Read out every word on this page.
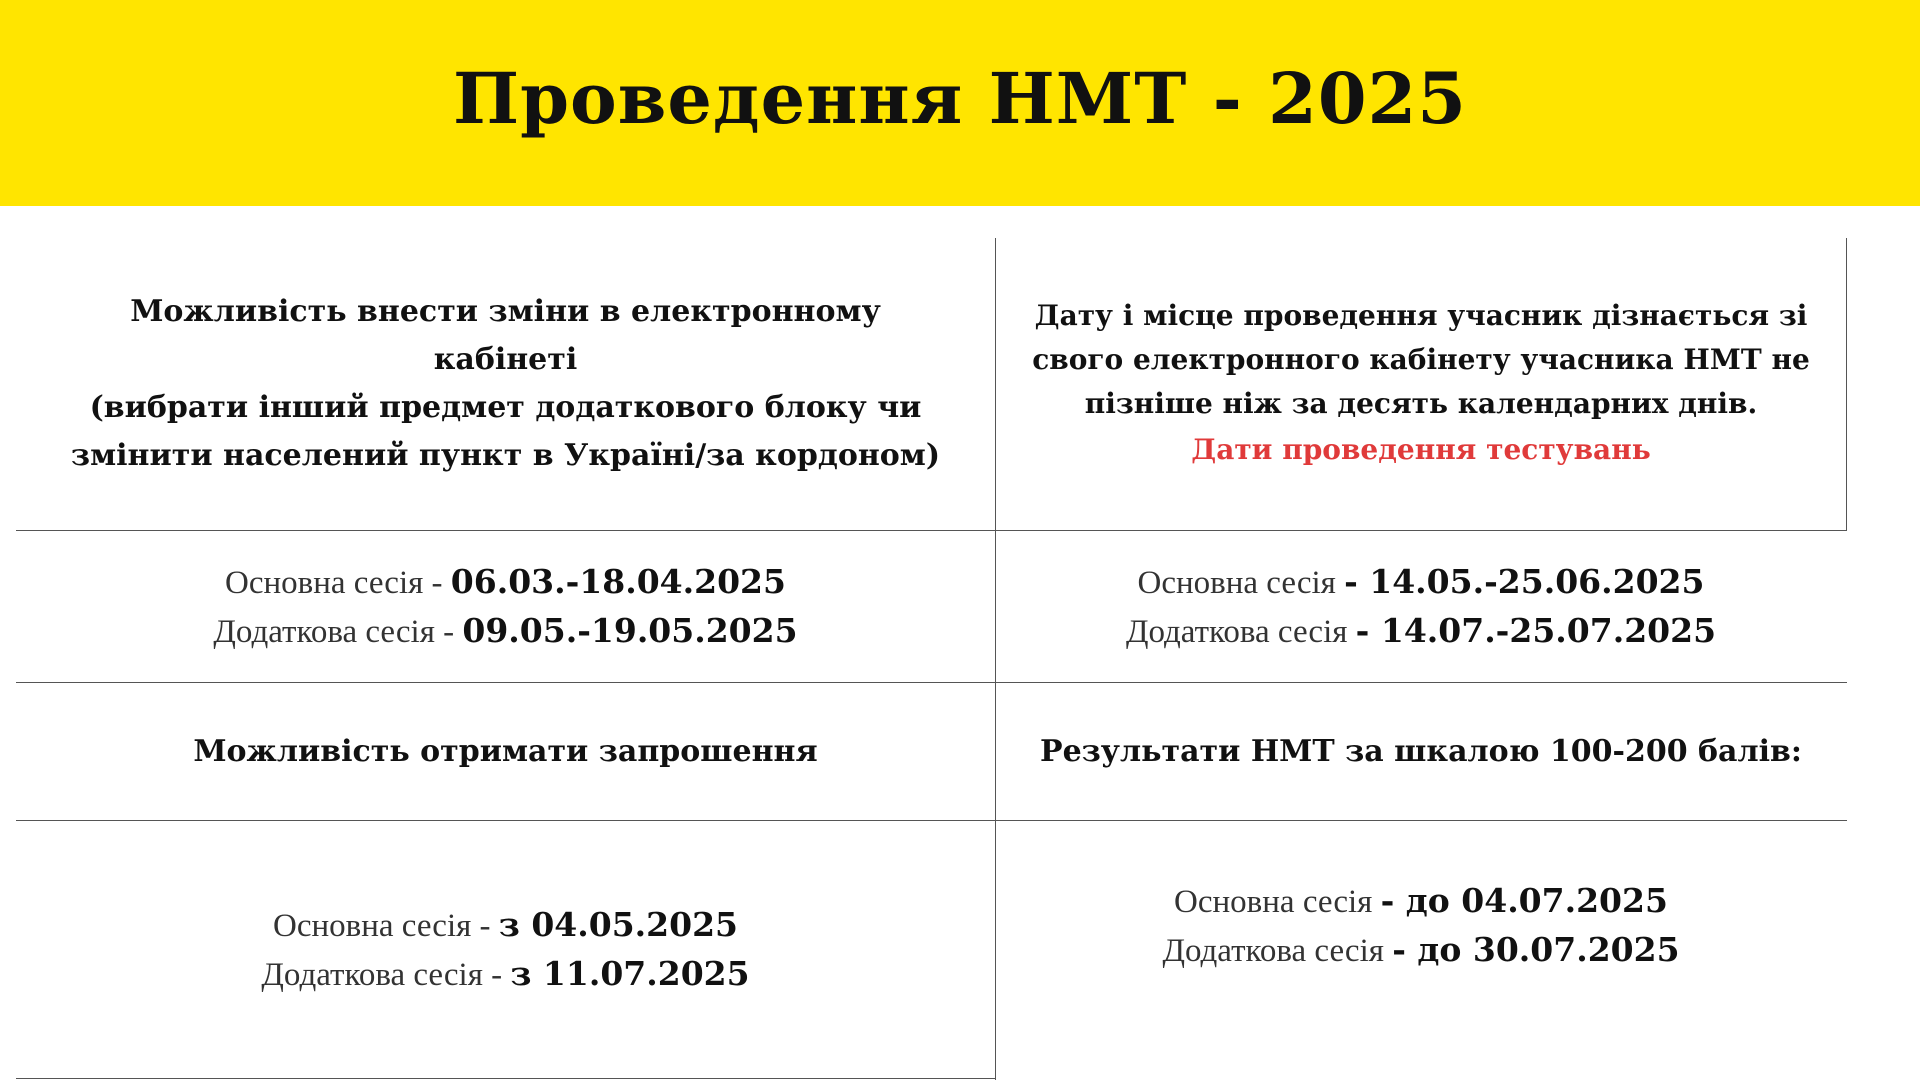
Проведення НМТ - 2025
Можливість внести зміни в електронному
кабінеті
(вибрати інший предмет додаткового блоку чи
змінити населений пункт в Україні/за кордоном)
Дату і місце проведення учасник дізнається зі
свого електронного кабінету учасника НМТ не
пізніше ніж за десять календарних днів.
Дати проведення тестувань
Основна сесія - 06.03.-18.04.2025
Додаткова сесія - 09.05.-19.05.2025
Основна сесія - 14.05.-25.06.2025
Додаткова сесія - 14.07.-25.07.2025
Можливість отримати запрошення	Результати НМТ за шкалою 100-200 балів:
Основна сесія - з 04.05.2025
Додаткова сесія - з 11.07.2025
Основна сесія - до 04.07.2025
Додаткова сесія - до 30.07.2025
